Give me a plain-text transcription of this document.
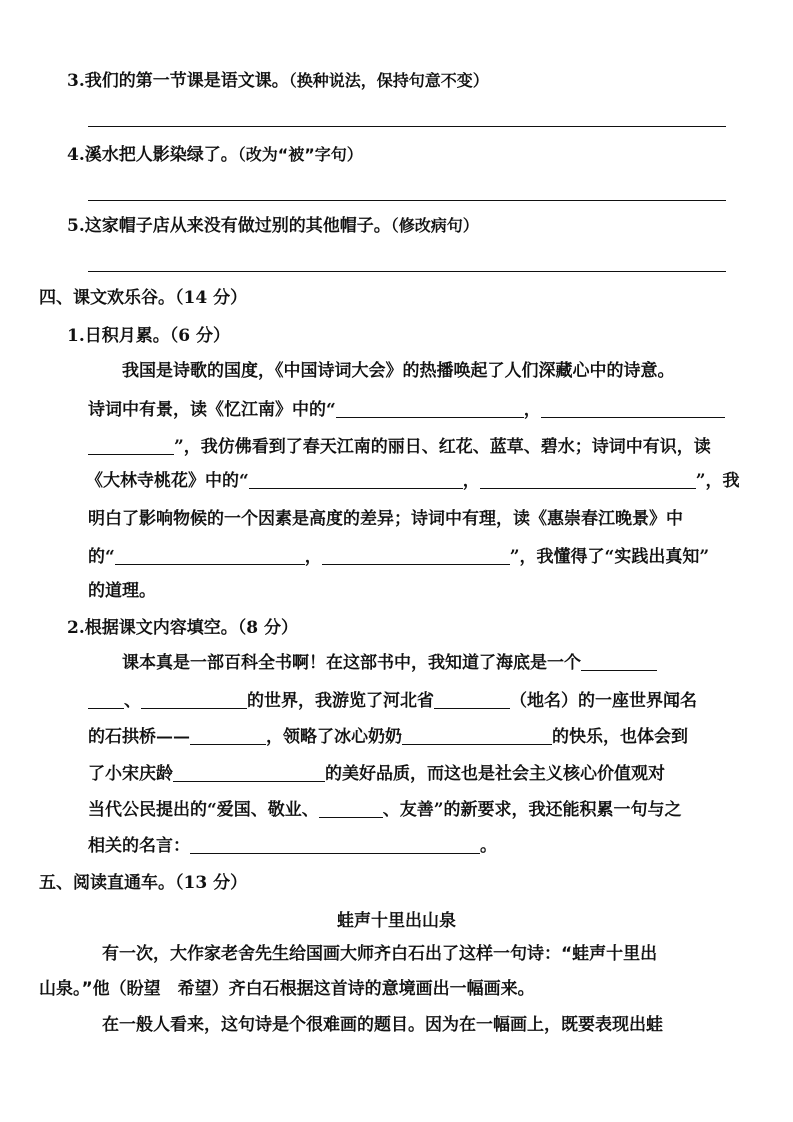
3.我们的第一节课是语文课。（换种说法，保持句意不变）
4.溪水把人影染绿了。（改为“被”字句）
5.这家帽子店从来没有做过别的其他帽子。（修改病句）
四、课文欢乐谷。（14 分）
1.日积月累。（6 分）
我国是诗歌的国度，《中国诗词大会》的热播唤起了人们深藏心中的诗意。
诗词中有景，读《忆江南》中的“	，
”，我仿佛看到了春天江南的丽日、红花、蓝草、碧水；诗词中有识，读
《大林寺桃花》中的“	，	”，我
明白了影响物候的一个因素是高度的差异；诗词中有理，读《惠崇春江晚景》中
的“	，	”，我懂得了“实践出真知”
的道理。
2.根据课文内容填空。（8 分）
课本真是一部百科全书啊！在这部书中，我知道了海底是一个
、	的世界，我游览了河北省	（地名）的一座世界闻名
的石拱桥——	，领略了冰心奶奶	的快乐，也体会到
了小宋庆龄	的美好品质，而这也是社会主义核心价值观对
当代公民提出的“爱国、敬业、	、友善”的新要求，我还能积累一句与之
相关的名言：	。
五、阅读直通车。（13 分）
蛙声十里出山泉
有一次，大作家老舍先生给国画大师齐白石出了这样一句诗：“蛙声十里出
山泉。”他（盼望　希望）齐白石根据这首诗的意境画出一幅画来。
在一般人看来，这句诗是个很难画的题目。因为在一幅画上，既要表现出蛙
